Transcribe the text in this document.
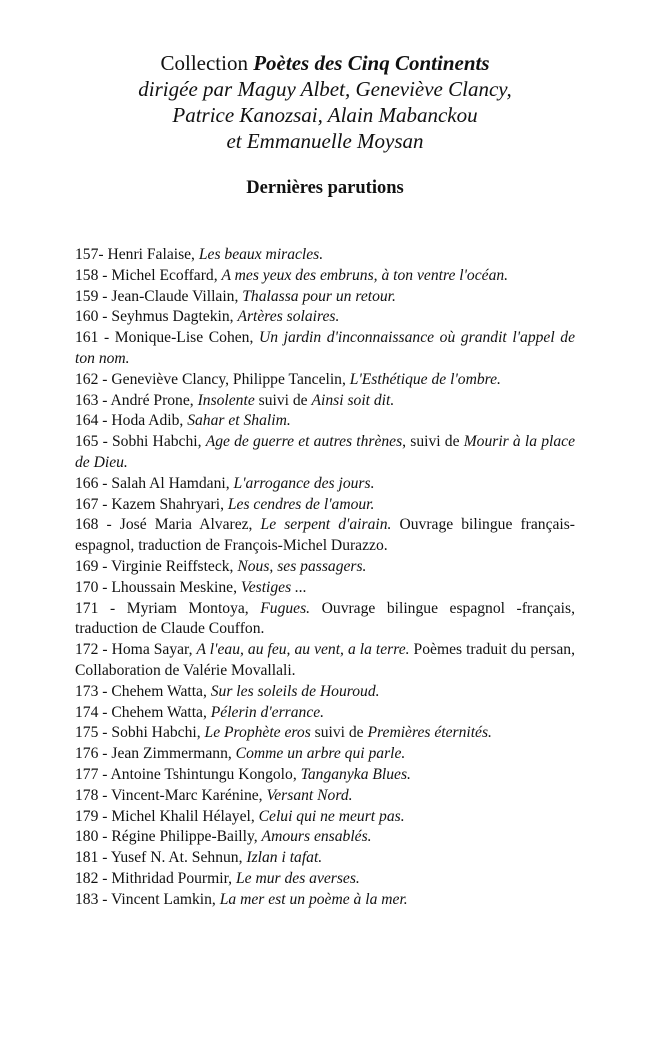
Collection Poètes des Cinq Continents
dirigée par Maguy Albet, Geneviève Clancy,
Patrice Kanozsai, Alain Mabanckou
et Emmanuelle Moysan
Dernières parutions
157- Henri Falaise, Les beaux miracles.
158 - Michel Ecoffard, A mes yeux des embruns, à ton ventre l'océan.
159 - Jean-Claude Villain, Thalassa pour un retour.
160 - Seyhmus Dagtekin, Artères solaires.
161 - Monique-Lise Cohen, Un jardin d'inconnaissance où grandit l'appel de ton nom.
162 - Geneviève Clancy, Philippe Tancelin, L'Esthétique de l'ombre.
163 - André Prone, Insolente suivi de Ainsi soit dit.
164 - Hoda Adib, Sahar et Shalim.
165 - Sobhi Habchi, Age de guerre et autres thrènes, suivi de Mourir à la place de Dieu.
166 - Salah Al Hamdani, L'arrogance des jours.
167 - Kazem Shahryari, Les cendres de l'amour.
168 - José Maria Alvarez, Le serpent d'airain. Ouvrage bilingue français-espagnol, traduction de François-Michel Durazzo.
169 - Virginie Reiffsteck, Nous, ses passagers.
170 - Lhoussain Meskine, Vestiges ...
171 - Myriam Montoya, Fugues. Ouvrage bilingue espagnol -français, traduction de Claude Couffon.
172 - Homa Sayar, A l'eau, au feu, au vent, a la terre. Poèmes traduit du persan, Collaboration de Valérie Movallali.
173 - Chehem Watta, Sur les soleils de Houroud.
174 - Chehem Watta, Pélerin d'errance.
175 - Sobhi Habchi, Le Prophète eros suivi de Premières éternités.
176 - Jean Zimmermann, Comme un arbre qui parle.
177 - Antoine Tshintungu Kongolo, Tanganyka Blues.
178 - Vincent-Marc Karénine, Versant Nord.
179 - Michel Khalil Hélayel, Celui qui ne meurt pas.
180 - Régine Philippe-Bailly, Amours ensablés.
181 - Yusef N. At. Sehnun, Izlan i tafat.
182 - Mithridad Pourmir, Le mur des averses.
183 - Vincent Lamkin, La mer est un poème à la mer.
